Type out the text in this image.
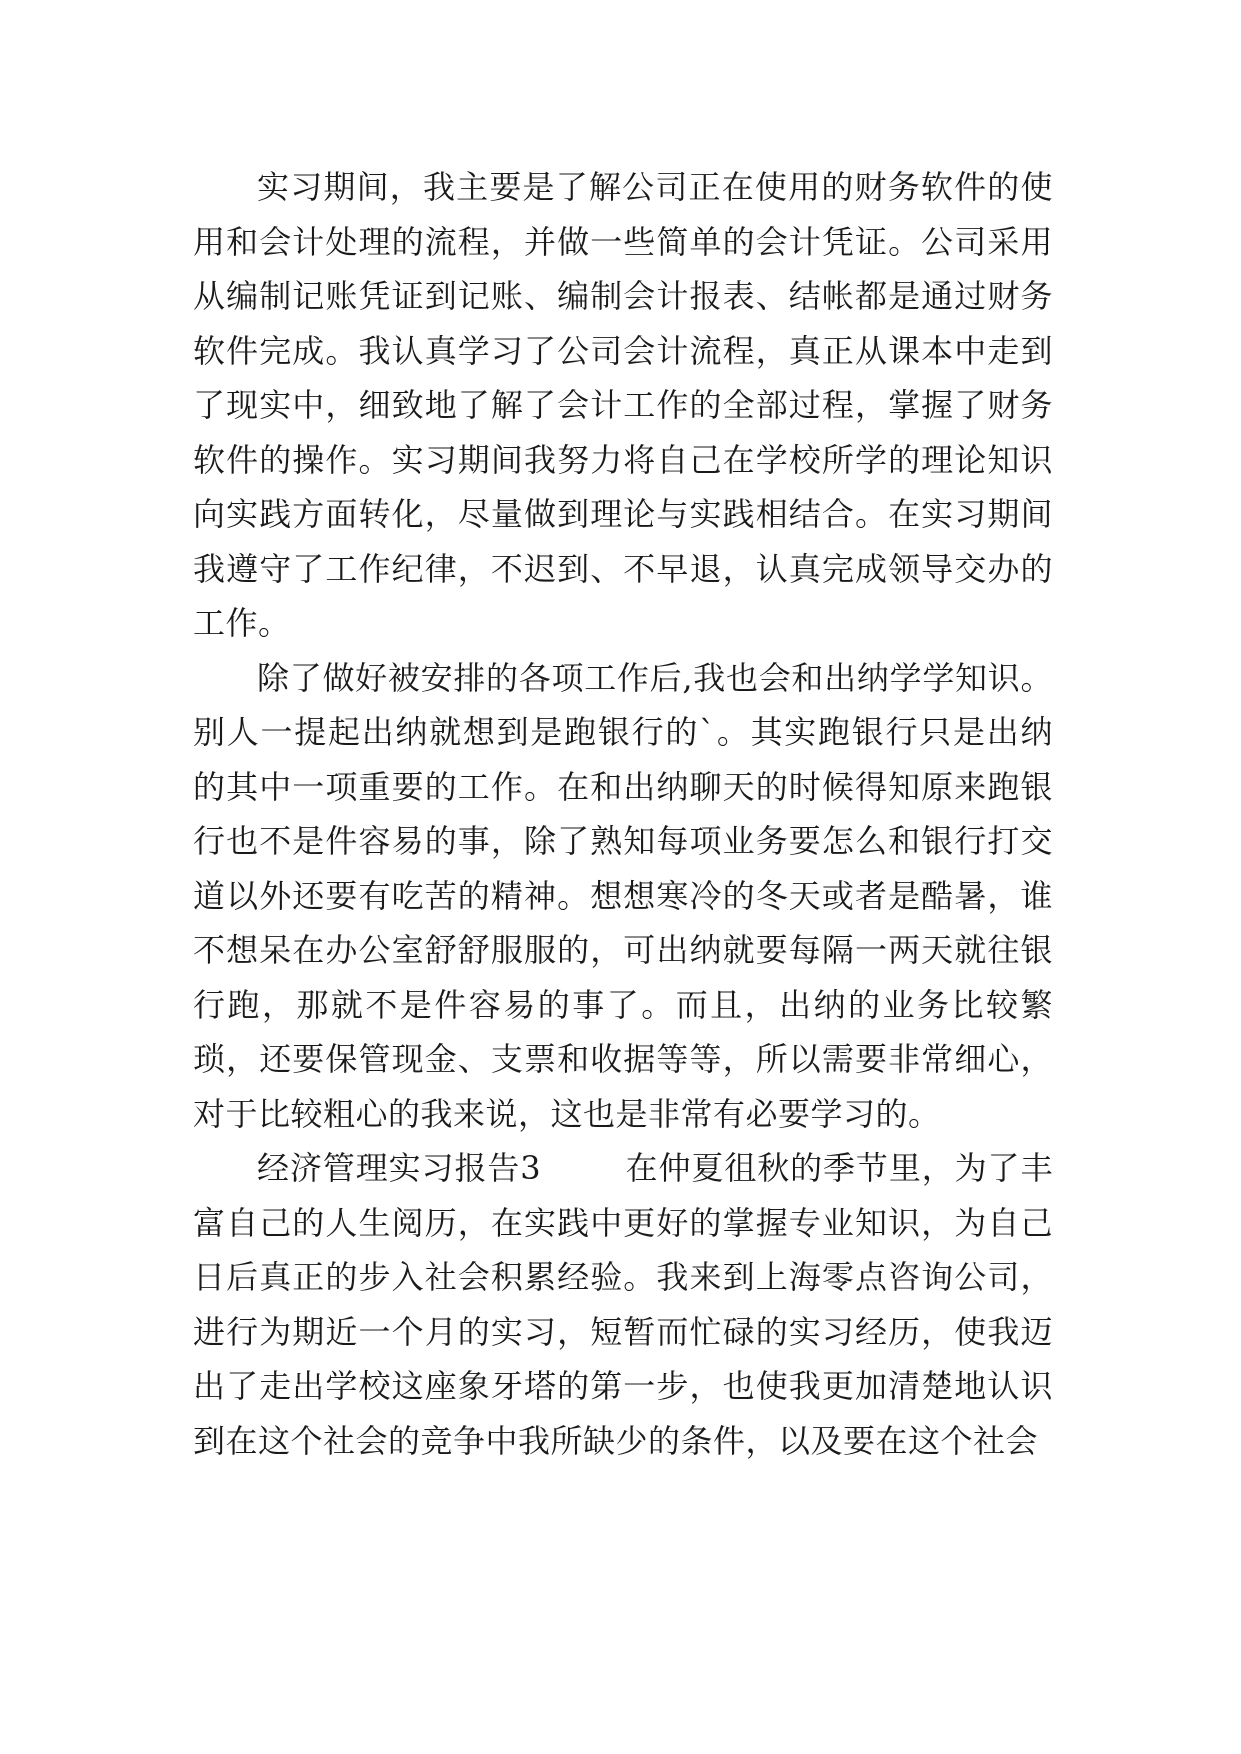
实习期间，我主要是了解公司正在使用的财务软件的使用和会计处理的流程，并做一些简单的会计凭证。公司采用从编制记账凭证到记账、编制会计报表、结帐都是通过财务软件完成。我认真学习了公司会计流程，真正从课本中走到了现实中，细致地了解了会计工作的全部过程，掌握了财务软件的操作。实习期间我努力将自己在学校所学的理论知识向实践方面转化，尽量做到理论与实践相结合。在实习期间我遵守了工作纪律，不迟到、不早退，认真完成领导交办的工作。

除了做好被安排的各项工作后,我也会和出纳学学知识。别人一提起出纳就想到是跑银行的`。其实跑银行只是出纳的其中一项重要的工作。在和出纳聊天的时候得知原来跑银行也不是件容易的事，除了熟知每项业务要怎么和银行打交道以外还要有吃苦的精神。想想寒冷的冬天或者是酷暑，谁不想呆在办公室舒舒服服的，可出纳就要每隔一两天就往银行跑，那就不是件容易的事了。而且，出纳的业务比较繁琐，还要保管现金、支票和收据等等，所以需要非常细心，对于比较粗心的我来说，这也是非常有必要学习的。

经济管理实习报告3	在仲夏徂秋的季节里，为了丰富自己的人生阅历，在实践中更好的掌握专业知识，为自己日后真正的步入社会积累经验。我来到上海零点咨询公司，进行为期近一个月的实习，短暂而忙碌的实习经历，使我迈出了走出学校这座象牙塔的第一步，也使我更加清楚地认识到在这个社会的竞争中我所缺少的条件，以及要在这个社会
